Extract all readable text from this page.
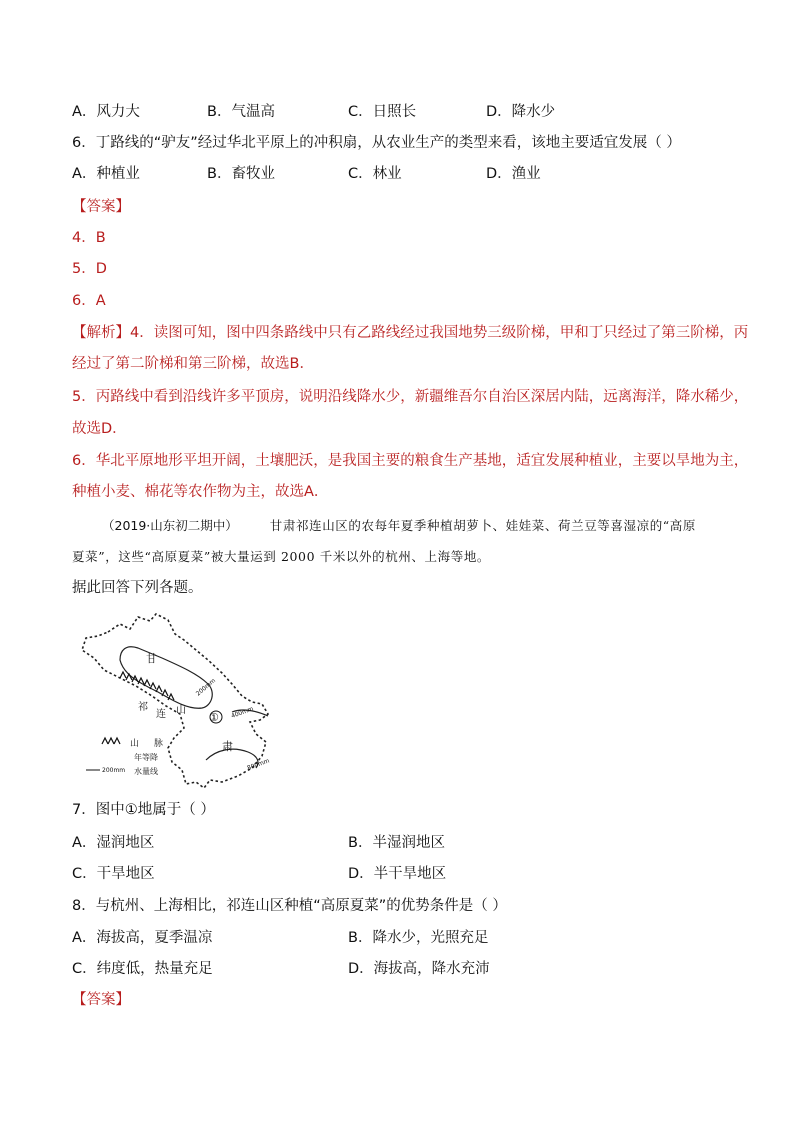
A．风力大	B．气温高	C．日照长	D．降水少
6．丁路线的“驴友”经过华北平原上的冲积扇，从农业生产的类型来看，该地主要适宜发展（ ）
A．种植业	B．畜牧业	C．林业	D．渔业
【答案】
4．B
5．D
6．A
【解析】4．读图可知，图中四条路线中只有乙路线经过我国地势三级阶梯，甲和丁只经过了第三阶梯，丙
经过了第二阶梯和第三阶梯，故选B．
5．丙路线中看到沿线许多平顶房，说明沿线降水少，新疆维吾尔自治区深居内陆，远离海洋，降水稀少，
故选D．
6．华北平原地形平坦开阔，土壤肥沃，是我国主要的粮食生产基地，适宜发展种植业，主要以旱地为主，
种植小麦、棉花等农作物为主，故选A．
（2019·山东初二期中）	甘肃祁连山区的农每年夏季种植胡萝卜、娃娃菜、荷兰豆等喜湿凉的“高原
夏菜”，这些“高原夏菜”被大量运到 2000 千米以外的杭州、上海等地。
据此回答下列各题。
甘
祁
连 山
①
肃
200mm
400mm
800mm
山 脉
年等降
200mm 水量线
7．图中①地属于（ ）
A．湿润地区	B．半湿润地区
C．干旱地区	D．半干旱地区
8．与杭州、上海相比，祁连山区种植“高原夏菜”的优势条件是（ ）
A．海拔高，夏季温凉	B．降水少，光照充足
C．纬度低，热量充足	D．海拔高，降水充沛
【答案】
